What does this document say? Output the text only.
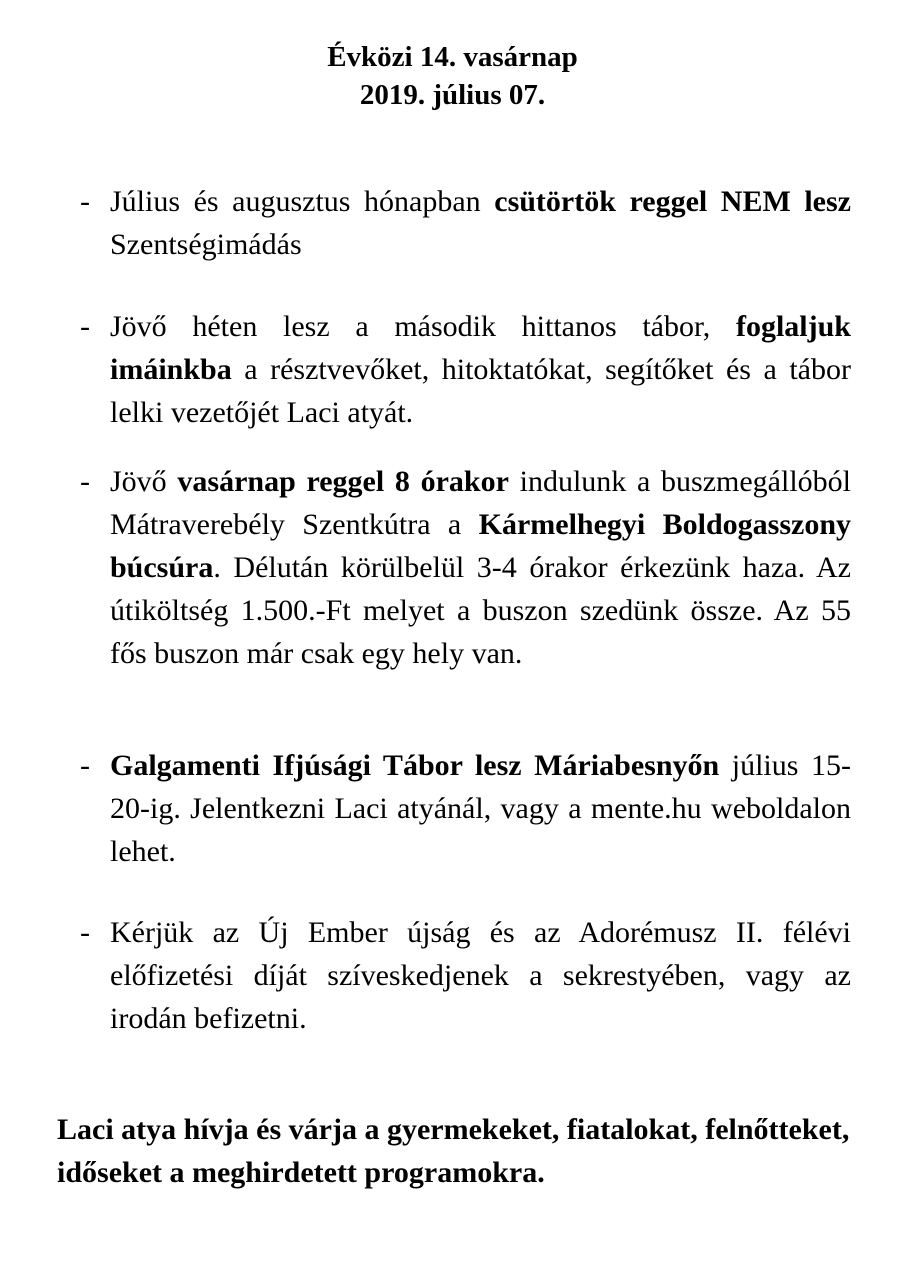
Évközi 14. vasárnap
2019. július 07.
- Július és augusztus hónapban csütörtök reggel NEM lesz Szentségimádás
- Jövő héten lesz a második hittanos tábor, foglaljuk imáinkba a résztvevőket, hitoktatókat, segítőket és a tábor lelki vezetőjét Laci atyát.
- Jövő vasárnap reggel 8 órakor indulunk a buszmegállóból Mátraverebély Szentkútra a Kármelhegyi Boldogasszony búcsúra. Délután körülbelül 3-4 órakor érkezünk haza. Az útiköltség 1.500.-Ft melyet a buszon szedünk össze. Az 55 fős buszon már csak egy hely van.
- Galgamenti Ifjúsági Tábor lesz Máriabesnyőn július 15-20-ig. Jelentkezni Laci atyánál, vagy a mente.hu weboldalon lehet.
- Kérjük az Új Ember újság és az Adorémusz II. félévi előfizetési díját szíveskedjenek a sekrestyében, vagy az irodán befizetni.
Laci atya hívja és várja a gyermekeket, fiatalokat, felnőtteket, időseket a meghirdetett programokra.
